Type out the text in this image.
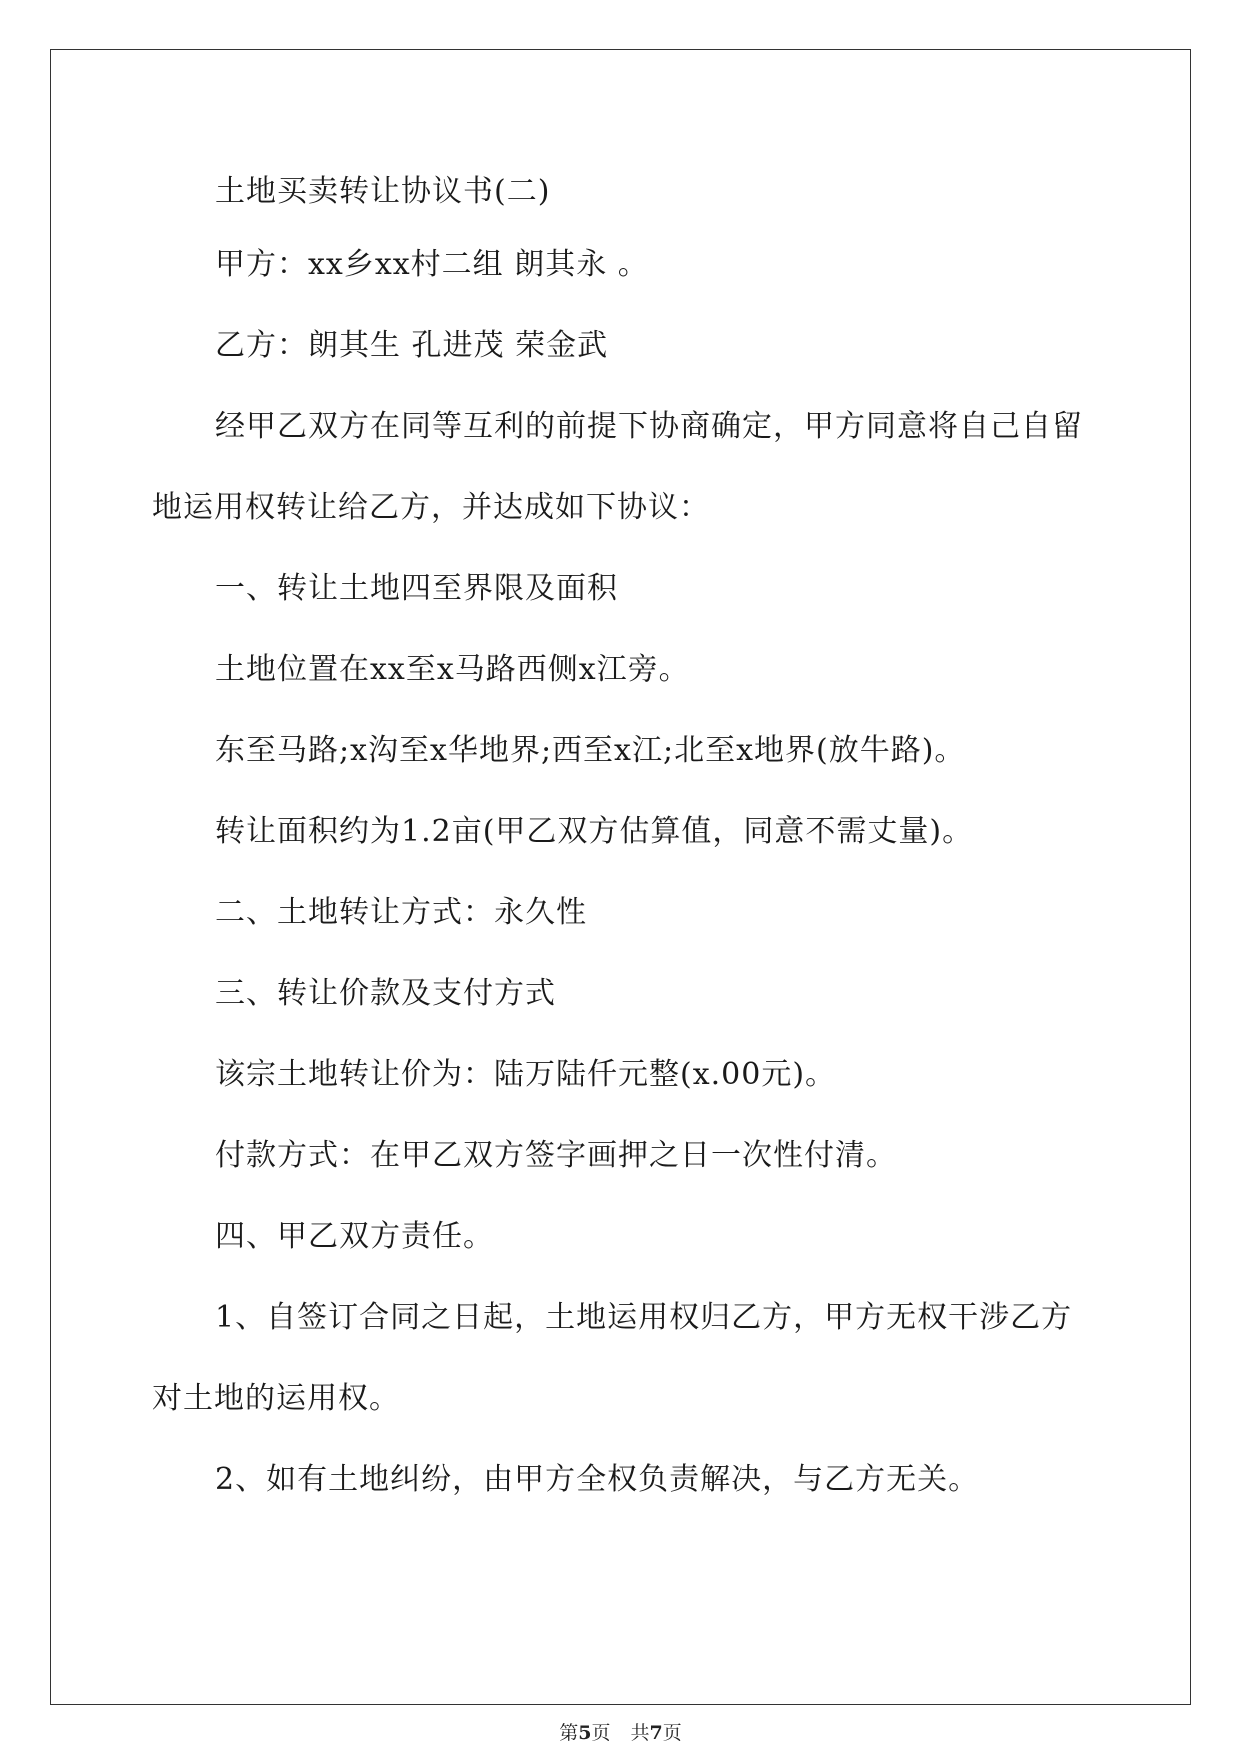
土地买卖转让协议书(二)

甲方：xx乡xx村二组 朗其永 。

乙方：朗其生 孔进茂 荣金武

经甲乙双方在同等互利的前提下协商确定，甲方同意将自己自留地运用权转让给乙方，并达成如下协议：

一、转让土地四至界限及面积

土地位置在xx至x马路西侧x江旁。

东至马路;x沟至x华地界;西至x江;北至x地界(放牛路)。

转让面积约为1.2亩(甲乙双方估算值，同意不需丈量)。

二、土地转让方式：永久性

三、转让价款及支付方式

该宗土地转让价为：陆万陆仟元整(x.00元)。

付款方式：在甲乙双方签字画押之日一次性付清。

四、甲乙双方责任。

1、自签订合同之日起，土地运用权归乙方，甲方无权干涉乙方对土地的运用权。

2、如有土地纠纷，由甲方全权负责解决，与乙方无关。

第5页 共7页
